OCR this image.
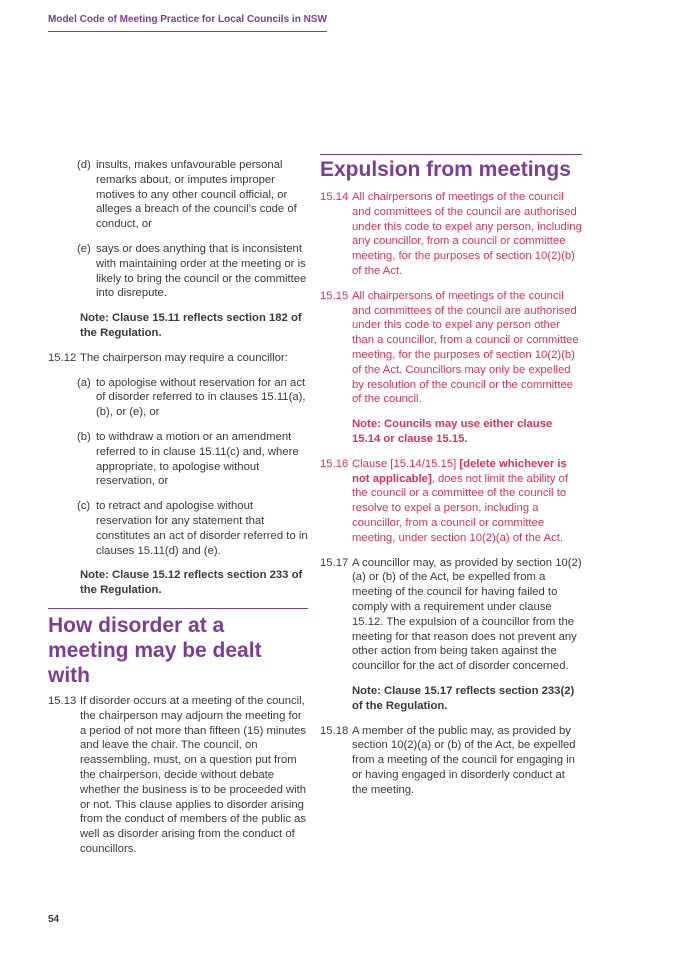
Model Code of Meeting Practice for Local Councils in NSW
(d) insults, makes unfavourable personal remarks about, or imputes improper motives to any other council official, or alleges a breach of the council’s code of conduct, or
(e) says or does anything that is inconsistent with maintaining order at the meeting or is likely to bring the council or the committee into disrepute.
Note: Clause 15.11 reflects section 182 of the Regulation.
15.12 The chairperson may require a councillor:
(a) to apologise without reservation for an act of disorder referred to in clauses 15.11(a), (b), or (e), or
(b) to withdraw a motion or an amendment referred to in clause 15.11(c) and, where appropriate, to apologise without reservation, or
(c) to retract and apologise without reservation for any statement that constitutes an act of disorder referred to in clauses 15.11(d) and (e).
Note: Clause 15.12 reflects section 233 of the Regulation.
How disorder at a meeting may be dealt with
15.13 If disorder occurs at a meeting of the council, the chairperson may adjourn the meeting for a period of not more than fifteen (15) minutes and leave the chair. The council, on reassembling, must, on a question put from the chairperson, decide without debate whether the business is to be proceeded with or not. This clause applies to disorder arising from the conduct of members of the public as well as disorder arising from the conduct of councillors.
Expulsion from meetings
15.14 All chairpersons of meetings of the council and committees of the council are authorised under this code to expel any person, including any councillor, from a council or committee meeting, for the purposes of section 10(2)(b) of the Act.
15.15 All chairpersons of meetings of the council and committees of the council are authorised under this code to expel any person other than a councillor, from a council or committee meeting, for the purposes of section 10(2)(b) of the Act. Councillors may only be expelled by resolution of the council or the committee of the council.
Note: Councils may use either clause 15.14 or clause 15.15.
15.16 Clause [15.14/15.15] [delete whichever is not applicable], does not limit the ability of the council or a committee of the council to resolve to expel a person, including a councillor, from a council or committee meeting, under section 10(2)(a) of the Act.
15.17 A councillor may, as provided by section 10(2)(a) or (b) of the Act, be expelled from a meeting of the council for having failed to comply with a requirement under clause 15.12. The expulsion of a councillor from the meeting for that reason does not prevent any other action from being taken against the councillor for the act of disorder concerned.
Note: Clause 15.17 reflects section 233(2) of the Regulation.
15.18 A member of the public may, as provided by section 10(2)(a) or (b) of the Act, be expelled from a meeting of the council for engaging in or having engaged in disorderly conduct at the meeting.
54
